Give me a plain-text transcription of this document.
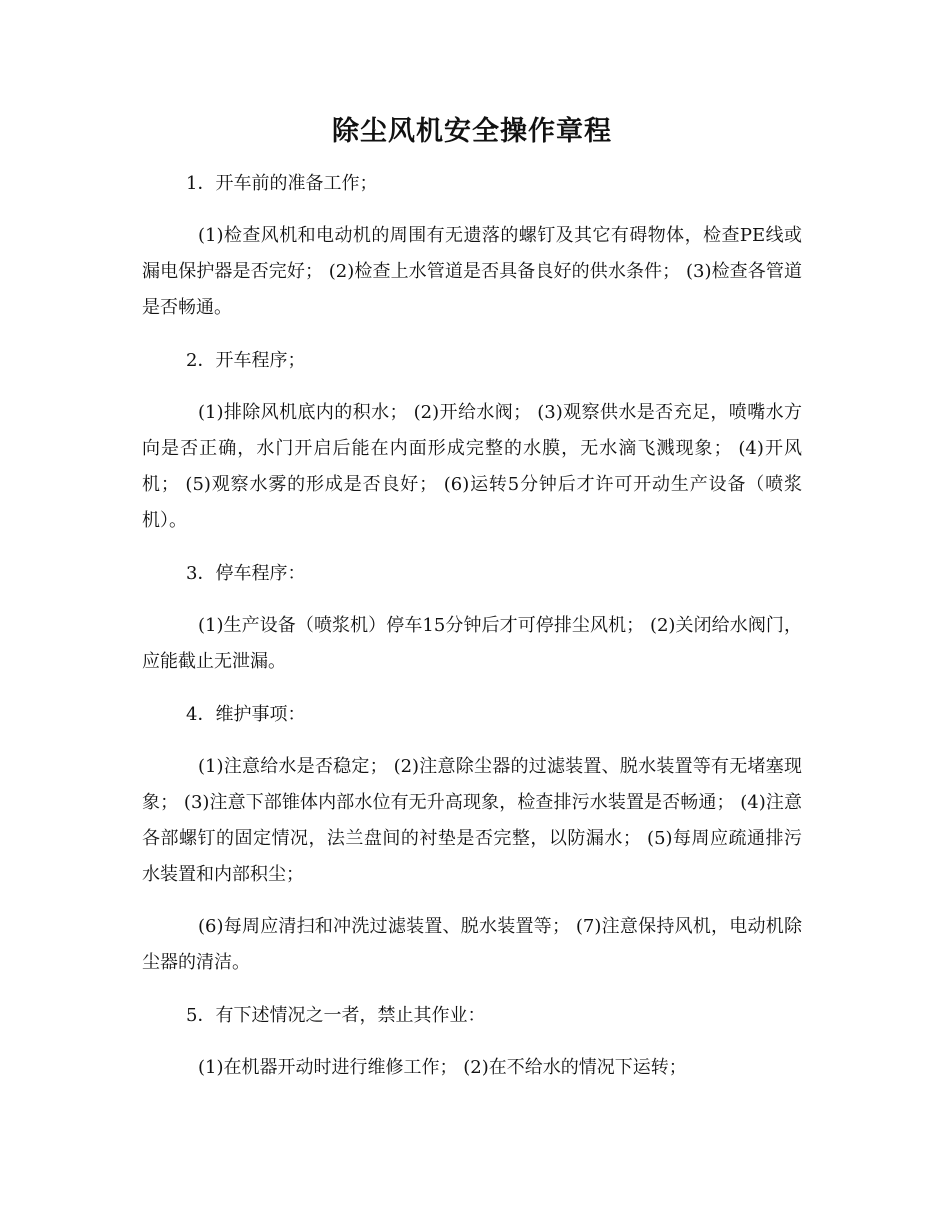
除尘风机安全操作章程

1．开车前的准备工作；

(1)检查风机和电动机的周围有无遗落的螺钉及其它有碍物体，检查PE线或漏电保护器是否完好； (2)检查上水管道是否具备良好的供水条件； (3)检查各管道是否畅通。

2．开车程序；

(1)排除风机底内的积水； (2)开给水阀； (3)观察供水是否充足，喷嘴水方向是否正确，水门开启后能在内面形成完整的水膜，无水滴飞溅现象； (4)开风机； (5)观察水雾的形成是否良好； (6)运转5分钟后才许可开动生产设备（喷浆机）。

3．停车程序：

(1)生产设备（喷浆机）停车15分钟后才可停排尘风机； (2)关闭给水阀门，应能截止无泄漏。

4．维护事项：

(1)注意给水是否稳定； (2)注意除尘器的过滤装置、脱水装置等有无堵塞现象； (3)注意下部锥体内部水位有无升高现象，检查排污水装置是否畅通； (4)注意各部螺钉的固定情况，法兰盘间的衬垫是否完整，以防漏水； (5)每周应疏通排污水装置和内部积尘；

(6)每周应清扫和冲洗过滤装置、脱水装置等； (7)注意保持风机，电动机除尘器的清洁。

5．有下述情况之一者，禁止其作业：

(1)在机器开动时进行维修工作； (2)在不给水的情况下运转；
